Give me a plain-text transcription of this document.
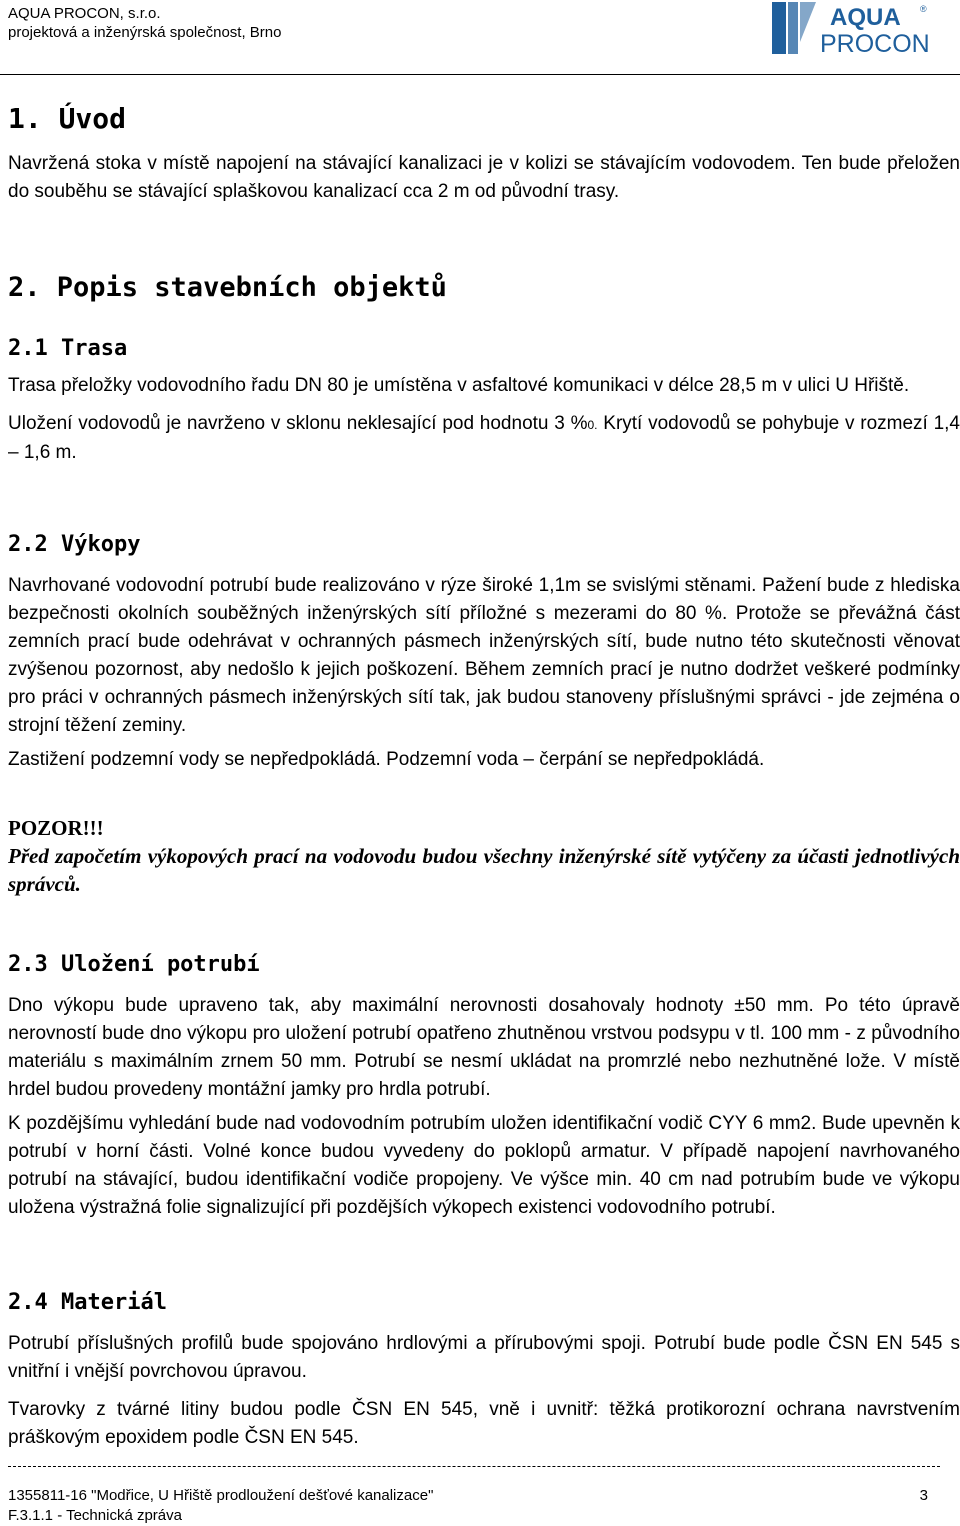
AQUA PROCON, s.r.o.
projektová a inženýrská společnost, Brno
AQUA ®
PROCON
1. Úvod

Navržená stoka v místě napojení na stávající kanalizaci je v kolizi se stávajícím vodovodem. Ten bude přeložen do souběhu se stávající splaškovou kanalizací cca 2 m od původní trasy.

2. Popis stavebních objektů
2.1 Trasa

Trasa přeložky vodovodního řadu DN 80 je umístěna v asfaltové komunikaci v délce 28,5 m v ulici U Hřiště.

Uložení vodovodů je navrženo v sklonu neklesající pod hodnotu 3 %0. Krytí vodovodů se pohybuje v rozmezí 1,4 – 1,6 m.

2.2 Výkopy

Navrhované vodovodní potrubí bude realizováno v rýze široké 1,1m se svislými stěnami. Pažení bude z hlediska bezpečnosti okolních souběžných inženýrských sítí příložné s mezerami do 80 %. Protože se převážná část zemních prací bude odehrávat v ochranných pásmech inženýrských sítí, bude nutno této skutečnosti věnovat zvýšenou pozornost, aby nedošlo k jejich poškození. Během zemních prací je nutno dodržet veškeré podmínky pro práci v ochranných pásmech inženýrských sítí tak, jak budou stanoveny příslušnými správci - jde zejména o strojní těžení zeminy.

Zastižení podzemní vody se nepředpokládá. Podzemní voda – čerpání se nepředpokládá.

POZOR!!!

Před započetím výkopových prací na vodovodu budou všechny inženýrské sítě vytýčeny za účasti jednotlivých správců.

2.3 Uložení potrubí

Dno výkopu bude upraveno tak, aby maximální nerovnosti dosahovaly hodnoty ±50 mm. Po této úpravě nerovností bude dno výkopu pro uložení potrubí opatřeno zhutněnou vrstvou podsypu v tl. 100 mm - z původního materiálu s maximálním zrnem 50 mm. Potrubí se nesmí ukládat na promrzlé nebo nezhutněné lože. V místě hrdel budou provedeny montážní jamky pro hrdla potrubí.

K pozdějšímu vyhledání bude nad vodovodním potrubím uložen identifikační vodič CYY 6 mm2. Bude upevněn k potrubí v horní části. Volné konce budou vyvedeny do poklopů armatur. V případě napojení navrhovaného potrubí na stávající, budou identifikační vodiče propojeny. Ve výšce min. 40 cm nad potrubím bude ve výkopu uložena výstražná folie signalizující při pozdějších výkopech existenci vodovodního potrubí.

2.4 Materiál

Potrubí příslušných profilů bude spojováno hrdlovými a přírubovými spoji. Potrubí bude podle ČSN EN 545 s vnitřní i vnější povrchovou úpravou.

Tvarovky z tvárné litiny budou podle ČSN EN 545, vně i uvnitř: těžká protikorozní ochrana navrstvením práškovým epoxidem podle ČSN EN 545.

1355811-16 "Modřice, U Hřiště prodloužení dešťové kanalizace"	3
F.3.1.1 - Technická zpráva
